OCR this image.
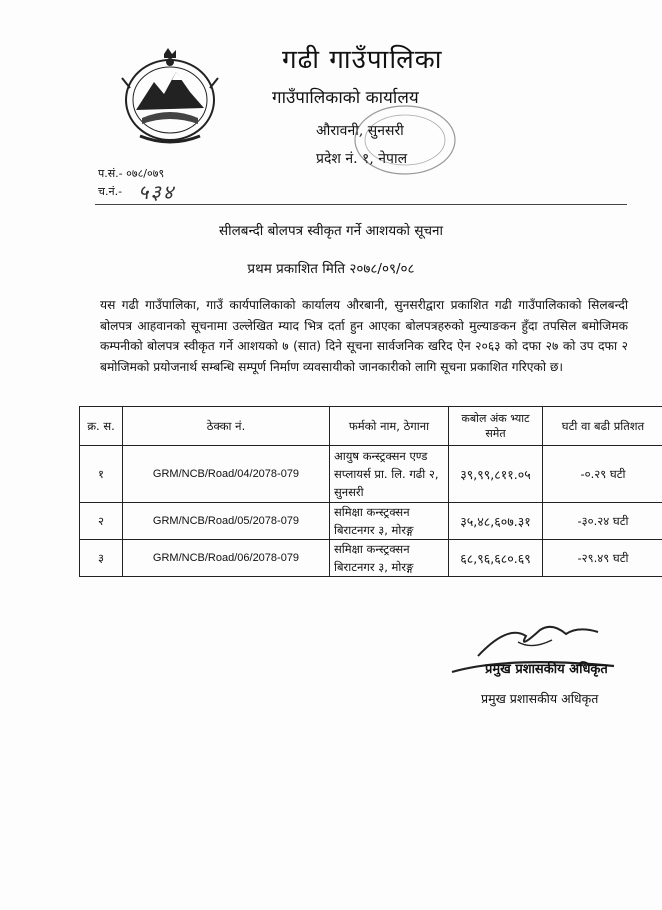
गढी गाउँपालिका
गाउँपालिकाको कार्यालय
औरावनी, सुनसरी
प्रदेश नं. १, नेपाल
प.सं.- ०७८/०७९
च.नं.- ५३४
सीलबन्दी बोलपत्र स्वीकृत गर्ने आशयको सूचना
प्रथम प्रकाशित मिति २०७८/०९/०८
यस गढी गाउँपालिका, गाउँ कार्यपालिकाको कार्यालय औरबानी, सुनसरीद्वारा प्रकाशित गढी गाउँपालिकाको सिलबन्दी बोलपत्र आहवानको सूचनामा उल्लेखित म्याद भित्र दर्ता हुन आएका बोलपत्रहरुको मुल्याङकन हुँदा तपसिल बमोजिमक कम्पनीको बोलपत्र स्वीकृत गर्ने आशयको ७ (सात) दिने सूचना सार्वजनिक खरिद ऐन २०६३ को दफा २७ को उप दफा २ बमोजिमको प्रयोजनार्थ सम्बन्धि सम्पूर्ण निर्माण व्यवसायीको जानकारीको लागि सूचना प्रकाशित गरिएको छ।
क्र. स.	ठेक्का नं.	फर्मको नाम, ठेगाना	कबोल अंक भ्याट समेत	घटी वा बढी प्रतिशत
१	GRM/NCB/Road/04/2078-079	आयुष कन्स्ट्रक्सन एण्ड सप्लायर्स प्रा. लि. गढी २, सुनसरी	३९,९९,८११.०५	-०.२९ घटी
२	GRM/NCB/Road/05/2078-079	समिक्षा कन्स्ट्रक्सन बिराटनगर ३, मोरङ्ग	३५,४८,६०७.३१	-३०.२४ घटी
३	GRM/NCB/Road/06/2078-079	समिक्षा कन्स्ट्रक्सन बिराटनगर ३, मोरङ्ग	६८,९६,६८०.६९	-२९.४९ घटी
प्रमुख प्रशासकीय अधिकृत
प्रमुख प्रशासकीय अधिकृत
